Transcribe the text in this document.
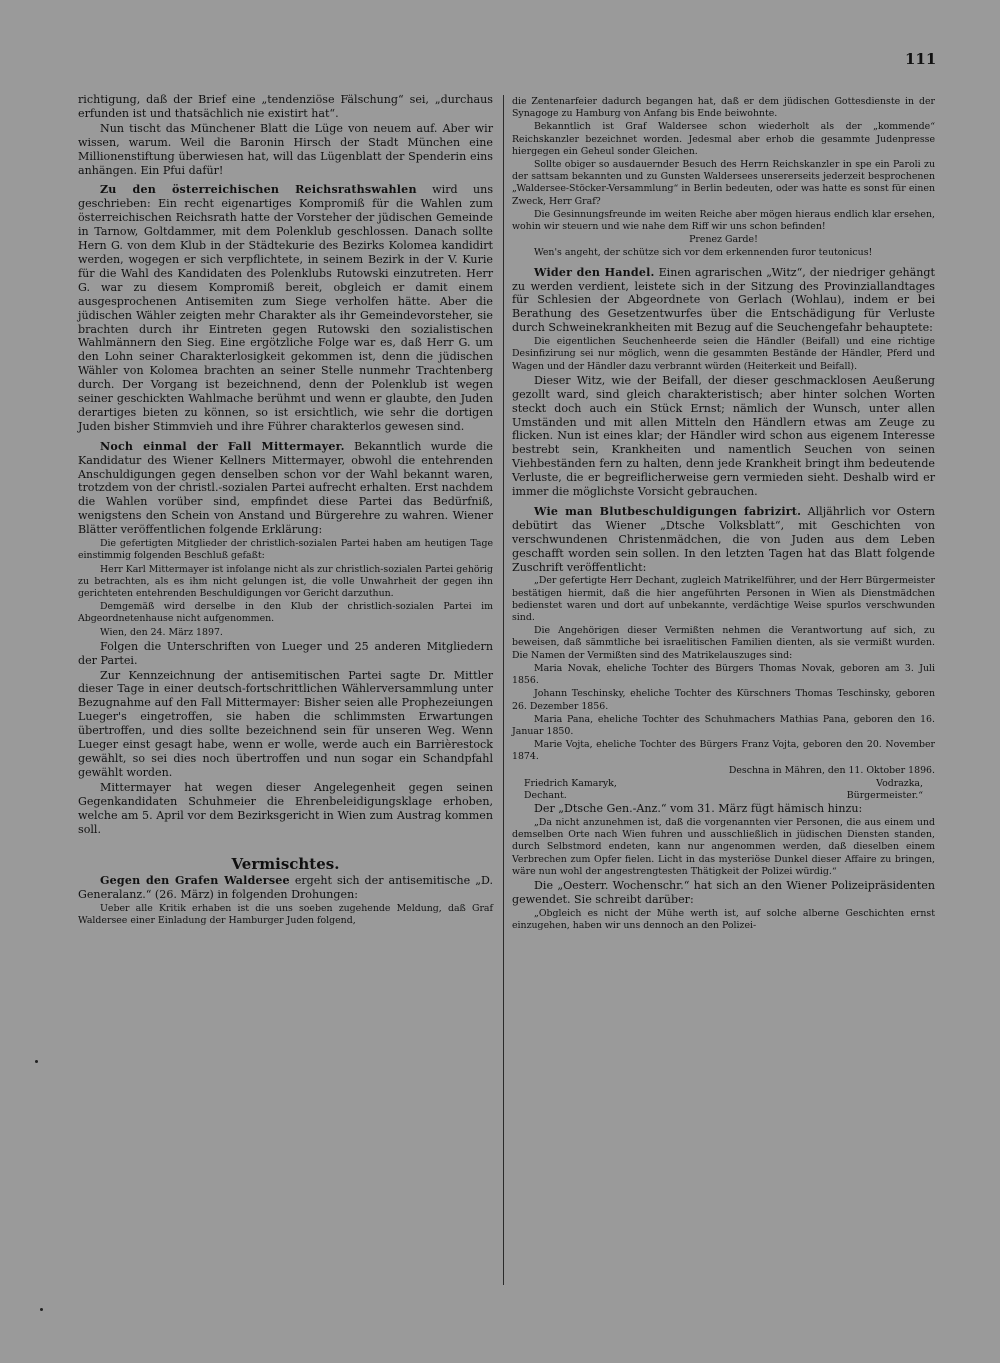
111

richtigung, daß der Brief eine „tendenziöse Fälschung“ sei, „durchaus erfunden ist und thatsächlich nie existirt hat“.

Nun tischt das Münchener Blatt die Lüge von neuem auf. Aber wir wissen, warum. Weil die Baronin Hirsch der Stadt München eine Millionenstiftung überwiesen hat, will das Lügenblatt der Spenderin eins anhängen. Ein Pfui dafür!

Zu den österreichischen Reichsrathswahlen wird uns geschrieben: Ein recht eigenartiges Kompromiß für die Wahlen zum österreichischen Reichsrath hatte der Vorsteher der jüdischen Gemeinde in Tarnow, Goltdammer, mit dem Polenklub geschlossen. Danach sollte Hern G. von dem Klub in der Städtekurie des Bezirks Kolomea kandidirt werden, wogegen er sich verpflichtete, in seinem Bezirk in der V. Kurie für die Wahl des Kandidaten des Polenklubs Rutowski einzutreten. Herr G. war zu diesem Kompromiß bereit, obgleich er damit einem ausgesprochenen Antisemiten zum Siege verholfen hätte. Aber die jüdischen Wähler zeigten mehr Charakter als ihr Gemeindevorsteher, sie brachten durch ihr Eintreten gegen Rutowski den sozialistischen Wahlmännern den Sieg. Eine ergötzliche Folge war es, daß Herr G. um den Lohn seiner Charakterlosigkeit gekommen ist, denn die jüdischen Wähler von Kolomea brachten an seiner Stelle nunmehr Trachtenberg durch. Der Vorgang ist bezeichnend, denn der Polenklub ist wegen seiner geschickten Wahlmache berühmt und wenn er glaubte, den Juden derartiges bieten zu können, so ist ersichtlich, wie sehr die dortigen Juden bisher Stimmvieh und ihre Führer charakterlos gewesen sind.

Noch einmal der Fall Mittermayer. Bekanntlich wurde die Kandidatur des Wiener Kellners Mittermayer, obwohl die entehrenden Anschuldigungen gegen denselben schon vor der Wahl bekannt waren, trotzdem von der christl.-sozialen Partei aufrecht erhalten. Erst nachdem die Wahlen vorüber sind, empfindet diese Partei das Bedürfniß, wenigstens den Schein von Anstand und Bürgerehre zu wahren. Wiener Blätter veröffentlichen folgende Erklärung:

Die gefertigten Mitglieder der christlich-sozialen Partei haben am heutigen Tage einstimmig folgenden Beschluß gefaßt:

Herr Karl Mittermayer ist infolange nicht als zur christlich-sozialen Partei gehörig zu betrachten, als es ihm nicht gelungen ist, die volle Unwahrheit der gegen ihn gerichteten entehrenden Beschuldigungen vor Gericht darzuthun.

Demgemäß wird derselbe in den Klub der christlich-sozialen Partei im Abgeordnetenhause nicht aufgenommen.

Wien, den 24. März 1897.

Folgen die Unterschriften von Lueger und 25 anderen Mitgliedern der Partei.

Zur Kennzeichnung der antisemitischen Partei sagte Dr. Mittler dieser Tage in einer deutsch-fortschrittlichen Wählerversammlung unter Bezugnahme auf den Fall Mittermayer: Bisher seien alle Prophezeiungen Lueger's eingetroffen, sie haben die schlimmsten Erwartungen übertroffen, und dies sollte bezeichnend sein für unseren Weg. Wenn Lueger einst gesagt habe, wenn er wolle, werde auch ein Barrièrestock gewählt, so sei dies noch übertroffen und nun sogar ein Schandpfahl gewählt worden.

Mittermayer hat wegen dieser Angelegenheit gegen seinen Gegenkandidaten Schuhmeier die Ehrenbeleidigungsklage erhoben, welche am 5. April vor dem Bezirksgericht in Wien zum Austrag kommen soll.

Vermischtes.

Gegen den Grafen Waldersee ergeht sich der antisemitische „D. Generalanz.“ (26. März) in folgenden Drohungen:

Ueber alle Kritik erhaben ist die uns soeben zugehende Meldung, daß Graf Waldersee einer Einladung der Hamburger Juden folgend,

die Zentenarfeier dadurch begangen hat, daß er dem jüdischen Gottesdienste in der Synagoge zu Hamburg von Anfang bis Ende beiwohnte.

Bekanntlich ist Graf Waldersee schon wiederholt als der „kommende“ Reichskanzler bezeichnet worden. Jedesmal aber erhob die gesammte Judenpresse hiergegen ein Geheul sonder Gleichen.

Sollte obiger so ausdauernder Besuch des Herrn Reichskanzler in spe ein Paroli zu der sattsam bekannten und zu Gunsten Waldersees unsererseits jederzeit besprochenen „Waldersee-Stöcker-Versammlung“ in Berlin bedeuten, oder was hatte es sonst für einen Zweck, Herr Graf?

Die Gesinnungsfreunde im weiten Reiche aber mögen hieraus endlich klar ersehen, wohin wir steuern und wie nahe dem Riff wir uns schon befinden!

Prenez Garde!

Wen's angeht, der schütze sich vor dem erkennenden furor teutonicus!

Wider den Handel. Einen agrarischen „Witz“, der niedriger gehängt zu werden verdient, leistete sich in der Sitzung des Provinziallandtages für Schlesien der Abgeordnete von Gerlach (Wohlau), indem er bei Berathung des Gesetzentwurfes über die Entschädigung für Verluste durch Schweinekrankheiten mit Bezug auf die Seuchengefahr behauptete:

Die eigentlichen Seuchenheerde seien die Händler (Beifall) und eine richtige Desinfizirung sei nur möglich, wenn die gesammten Bestände der Händler, Pferd und Wagen und der Händler dazu verbrannt würden (Heiterkeit und Beifall).

Dieser Witz, wie der Beifall, der dieser geschmacklosen Aeußerung gezollt ward, sind gleich charakteristisch; aber hinter solchen Worten steckt doch auch ein Stück Ernst; nämlich der Wunsch, unter allen Umständen und mit allen Mitteln den Händlern etwas am Zeuge zu flicken. Nun ist eines klar; der Händler wird schon aus eigenem Interesse bestrebt sein, Krankheiten und namentlich Seuchen von seinen Viehbeständen fern zu halten, denn jede Krankheit bringt ihm bedeutende Verluste, die er begreiflicherweise gern vermieden sieht. Deshalb wird er immer die möglichste Vorsicht gebrauchen.

Wie man Blutbeschuldigungen fabrizirt. Alljährlich vor Ostern debütirt das Wiener „Dtsche Volksblatt“, mit Geschichten von verschwundenen Christenmädchen, die von Juden aus dem Leben geschafft worden sein sollen. In den letzten Tagen hat das Blatt folgende Zuschrift veröffentlicht:

„Der gefertigte Herr Dechant, zugleich Matrikelführer, und der Herr Bürgermeister bestätigen hiermit, daß die hier angeführten Personen in Wien als Dienstmädchen bedienstet waren und dort auf unbekannte, verdächtige Weise spurlos verschwunden sind.

Die Angehörigen dieser Vermißten nehmen die Verantwortung auf sich, zu beweisen, daß sämmtliche bei israelitischen Familien dienten, als sie vermißt wurden. Die Namen der Vermißten sind des Matrikelauszuges sind:

Maria Novak, eheliche Tochter des Bürgers Thomas Novak, geboren am 3. Juli 1856.

Johann Teschinsky, eheliche Tochter des Kürschners Thomas Teschinsky, geboren 26. Dezember 1856.

Maria Pana, eheliche Tochter des Schuhmachers Mathias Pana, geboren den 16. Januar 1850.

Marie Vojta, eheliche Tochter des Bürgers Franz Vojta, geboren den 20. November 1874.

Deschna in Mähren, den 11. Oktober 1896.

Friedrich Kamaryk,	Vodrazka,
Dechant.	Bürgermeister.“

Der „Dtsche Gen.-Anz.“ vom 31. März fügt hämisch hinzu:

„Da nicht anzunehmen ist, daß die vorgenannten vier Personen, die aus einem und demselben Orte nach Wien fuhren und ausschließlich in jüdischen Diensten standen, durch Selbstmord endeten, kann nur angenommen werden, daß dieselben einem Verbrechen zum Opfer fielen. Licht in das mysteriöse Dunkel dieser Affaire zu bringen, wäre nun wohl der angestrengtesten Thätigkeit der Polizei würdig.“

Die „Oesterr. Wochenschr.“ hat sich an den Wiener Polizeipräsidenten gewendet. Sie schreibt darüber:

„Obgleich es nicht der Mühe werth ist, auf solche alberne Geschichten ernst einzugehen, haben wir uns dennoch an den Polizei-
